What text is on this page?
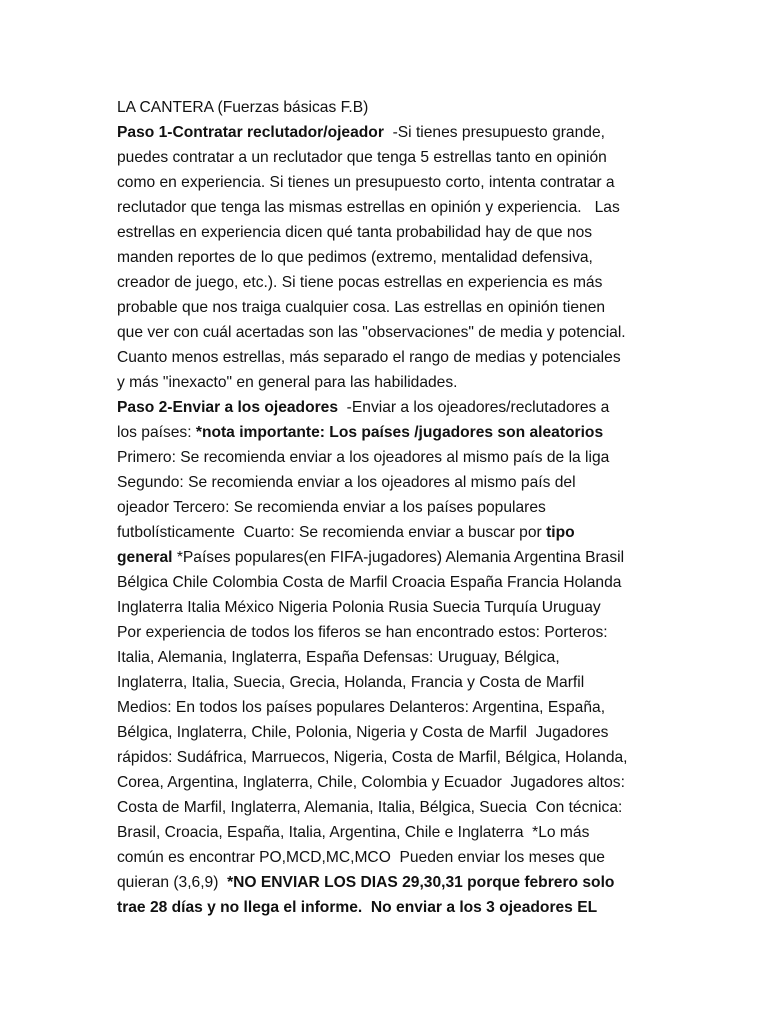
LA CANTERA (Fuerzas básicas F.B)
Paso 1-Contratar reclutador/ojeador  -Si tienes presupuesto grande,
puedes contratar a un reclutador que tenga 5 estrellas tanto en opinión
como en experiencia. Si tienes un presupuesto corto, intenta contratar a
reclutador que tenga las mismas estrellas en opinión y experiencia.   Las
estrellas en experiencia dicen qué tanta probabilidad hay de que nos
manden reportes de lo que pedimos (extremo, mentalidad defensiva,
creador de juego, etc.). Si tiene pocas estrellas en experiencia es más
probable que nos traiga cualquier cosa. Las estrellas en opinión tienen
que ver con cuál acertadas son las "observaciones" de media y potencial.
Cuanto menos estrellas, más separado el rango de medias y potenciales
y más "inexacto" en general para las habilidades.
Paso 2-Enviar a los ojeadores  -Enviar a los ojeadores/reclutadores a
los países: *nota importante: Los países /jugadores son aleatorios
Primero: Se recomienda enviar a los ojeadores al mismo país de la liga
Segundo: Se recomienda enviar a los ojeadores al mismo país del
ojeador Tercero: Se recomienda enviar a los países populares
futbolísticamente  Cuarto: Se recomienda enviar a buscar por tipo
general *Países populares(en FIFA-jugadores) Alemania Argentina Brasil
Bélgica Chile Colombia Costa de Marfil Croacia España Francia Holanda
Inglaterra Italia México Nigeria Polonia Rusia Suecia Turquía Uruguay
Por experiencia de todos los fiferos se han encontrado estos: Porteros:
Italia, Alemania, Inglaterra, España Defensas: Uruguay, Bélgica,
Inglaterra, Italia, Suecia, Grecia, Holanda, Francia y Costa de Marfil
Medios: En todos los países populares Delanteros: Argentina, España,
Bélgica, Inglaterra, Chile, Polonia, Nigeria y Costa de Marfil  Jugadores
rápidos: Sudáfrica, Marruecos, Nigeria, Costa de Marfil, Bélgica, Holanda,
Corea, Argentina, Inglaterra, Chile, Colombia y Ecuador  Jugadores altos:
Costa de Marfil, Inglaterra, Alemania, Italia, Bélgica, Suecia  Con técnica:
Brasil, Croacia, España, Italia, Argentina, Chile e Inglaterra  *Lo más
común es encontrar PO,MCD,MC,MCO  Pueden enviar los meses que
quieran (3,6,9)  *NO ENVIAR LOS DIAS 29,30,31 porque febrero solo
trae 28 días y no llega el informe.  No enviar a los 3 ojeadores EL
